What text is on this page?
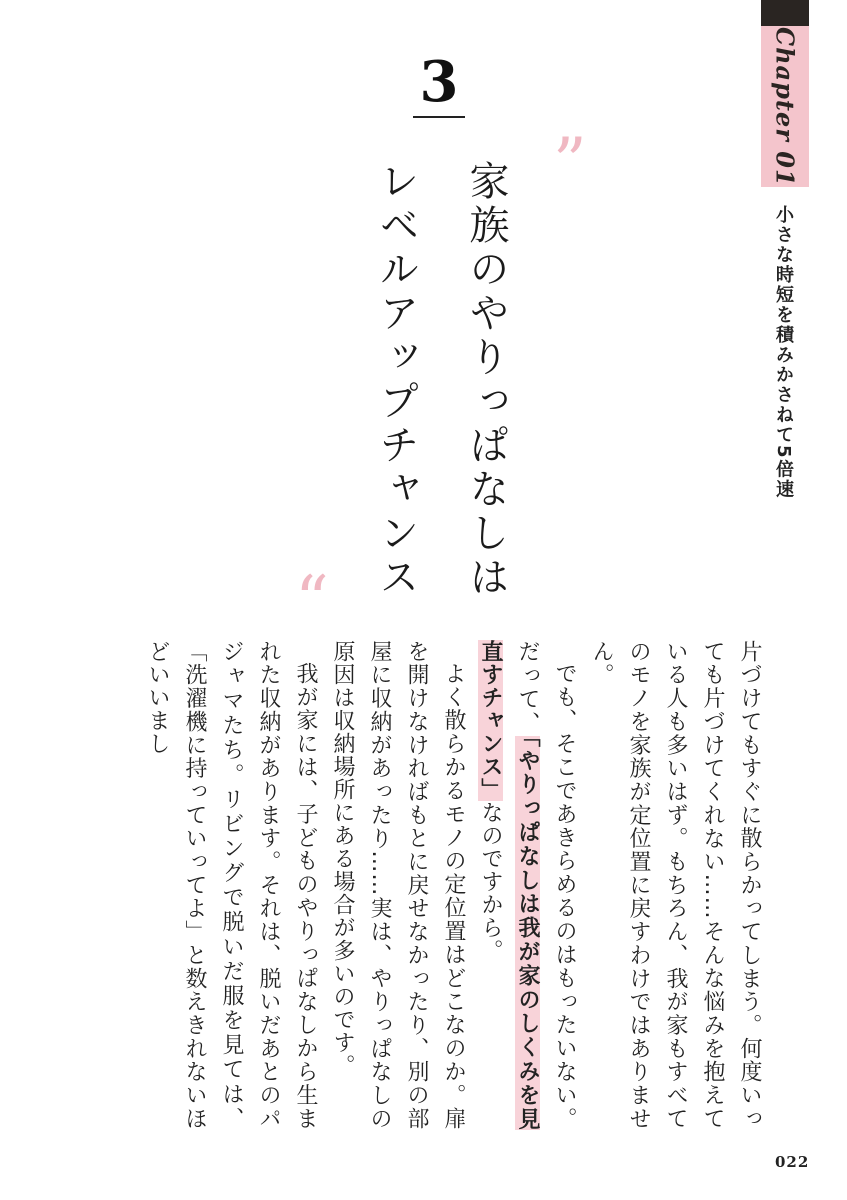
Chapter 01
小さな時短を積みかさねて5倍速
3
”
家族のやりっぱなしは
レベルアップチャンス
“

片づけてもすぐに散らかってしまう。何度いっても片づけてくれない……そんな悩みを抱えている人も多いはず。もちろん、我が家もすべてのモノを家族が定位置に戻すわけではありません。

でも、そこであきらめるのはもったいない。だって、「やりっぱなしは我が家のしくみを見直すチャンス」なのですから。

よく散らかるモノの定位置はどこなのか。扉を開けなければもとに戻せなかったり、別の部屋に収納があったり……実は、やりっぱなしの原因は収納場所にある場合が多いのです。

我が家には、子どものやりっぱなしから生まれた収納があります。それは、脱いだあとのパジャマたち。リビングで脱いだ服を見ては、「洗濯機に持っていってよ」と数えきれないほどいいまし

022
